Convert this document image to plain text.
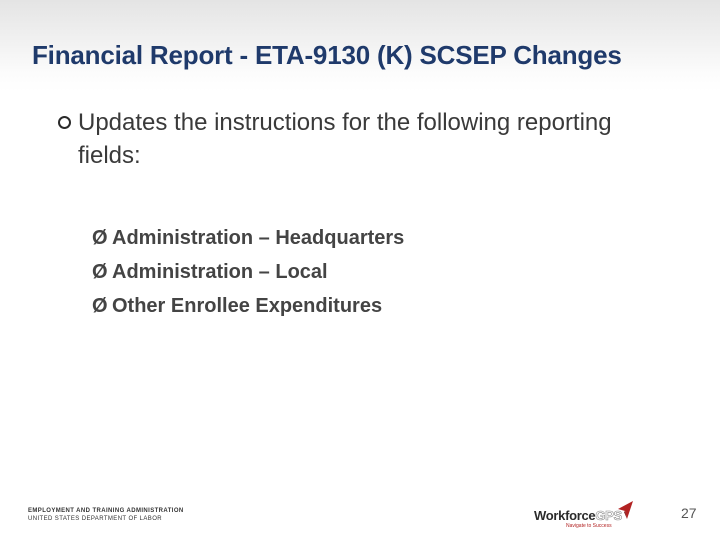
Financial Report - ETA-9130 (K) SCSEP Changes
Updates the instructions for the following reporting fields:
Ø Administration – Headquarters
Ø Administration – Local
Ø Other Enrollee Expenditures
EMPLOYMENT AND TRAINING ADMINISTRATION
UNITED STATES DEPARTMENT OF LABOR	WorkforceGPS
Navigate to Success
27
